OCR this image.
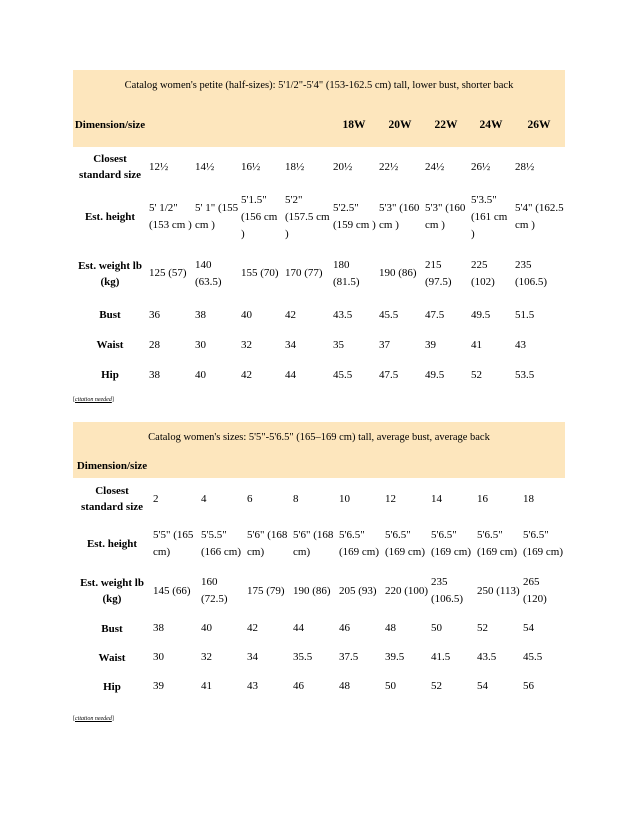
Catalog women's petite (half-sizes): 5'1/2"-5'4" (153-162.5 cm) tall, lower bust, shorter back
Dimension/size					18W	20W	22W	24W	26W
Closest standard size	12½	14½	16½	18½	20½	22½	24½	26½	28½
Est. height	5' 1/2" (153 cm )	5' 1" (155 cm )	5'1.5" (156 cm )	5'2" (157.5 cm )	5'2.5" (159 cm )	5'3" (160 cm )	5'3" (160 cm )	5'3.5" (161 cm )	5'4" (162.5 cm )
Est. weight lb (kg)	125 (57)	140 (63.5)	155 (70)	170 (77)	180 (81.5)	190 (86)	215 (97.5)	225 (102)	235 (106.5)
Bust	36	38	40	42	43.5	45.5	47.5	49.5	51.5
Waist	28	30	32	34	35	37	39	41	43
Hip	38	40	42	44	45.5	47.5	49.5	52	53.5
[citation needed]
Catalog women's sizes: 5'5"-5'6.5" (165–169 cm) tall, average bust, average back
Dimension/size									
Closest standard size	2	4	6	8	10	12	14	16	18
Est. height	5'5" (165 cm)	5'5.5" (166 cm)	5'6" (168 cm)	5'6" (168 cm)	5'6.5" (169 cm)	5'6.5" (169 cm)	5'6.5" (169 cm)	5'6.5" (169 cm)	5'6.5" (169 cm)
Est. weight lb (kg)	145 (66)	160 (72.5)	175 (79)	190 (86)	205 (93)	220 (100)	235 (106.5)	250 (113)	265 (120)
Bust	38	40	42	44	46	48	50	52	54
Waist	30	32	34	35.5	37.5	39.5	41.5	43.5	45.5
Hip	39	41	43	46	48	50	52	54	56
[citation needed]
